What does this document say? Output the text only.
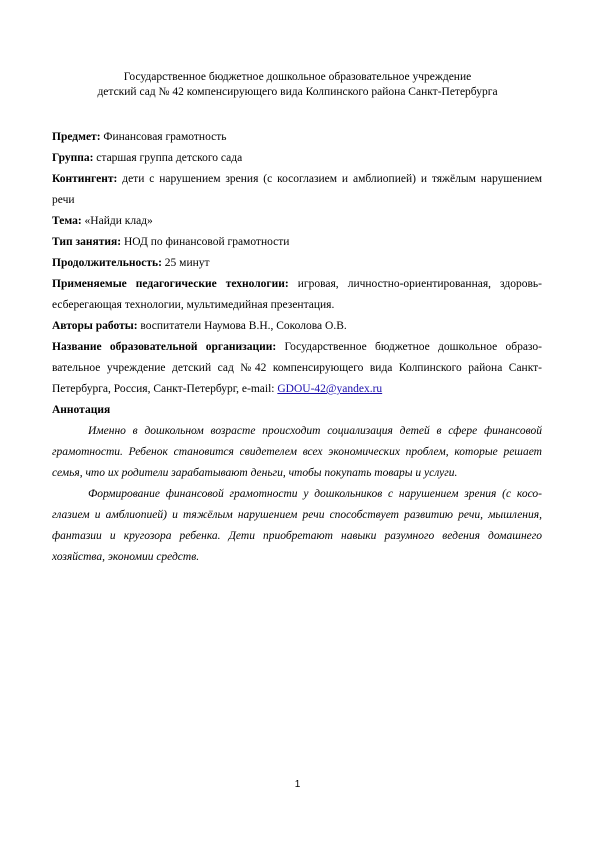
Государственное бюджетное дошкольное образовательное учреждение
детский сад № 42 компенсирующего вида Колпинского района Санкт-Петербурга

Предмет: Финансовая грамотность

Группа: старшая группа детского сада

Контингент: дети с нарушением зрения (с косоглазием и амблиопией) и тяжёлым нарушением речи

Тема: «Найди клад»

Тип занятия: НОД по финансовой грамотности

Продолжительность: 25 минут

Применяемые педагогические технологии: игровая, личностно-ориентированная, здоровьесберегающая технологии, мультимедийная презентация.

Авторы работы: воспитатели Наумова В.Н., Соколова О.В.

Название образовательной организации: Государственное бюджетное дошкольное образовательное учреждение детский сад №42 компенсирующего вида Колпинского района Санкт-Петербурга, Россия, Санкт-Петербург, e-mail: GDOU-42@yandex.ru

Аннотация

Именно в дошкольном возрасте происходит социализация детей в сфере финансовой грамотности. Ребенок становится свидетелем всех экономических проблем, которые решает семья, что их родители зарабатывают деньги, чтобы покупать товары и услуги.

Формирование финансовой грамотности у дошкольников с нарушением зрения (с косоглазием и амблиопией) и тяжёлым нарушением речи способствует развитию речи, мышления, фантазии и кругозора ребенка. Дети приобретают навыки разумного ведения домашнего хозяйства, экономии средств.

1
